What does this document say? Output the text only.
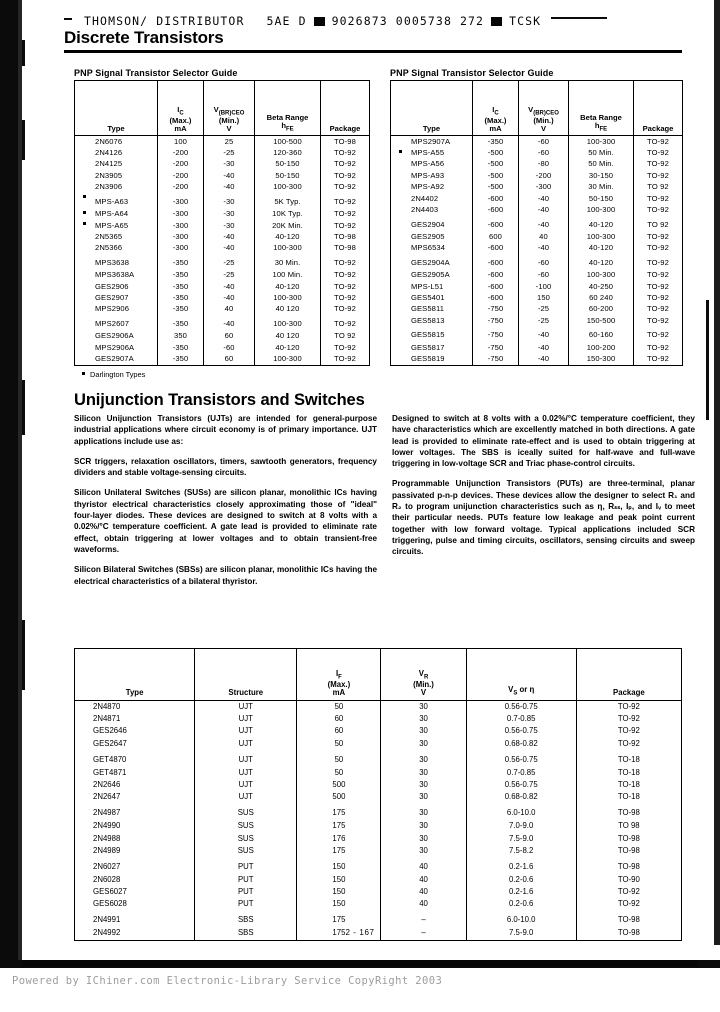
THOMSON/ DISTRIBUTOR 5AE D 9026873 0005738 272 TCSK
Discrete Transistors
PNP Signal Transistor Selector Guide
Type	$I_C$
(Max.)
mA	$V_{(BR)CEO}$
(Min.)
V	Beta Range
$h_{FE}$	Package

2N6076	100	25	100-500	TO-98
2N4126	-200	-25	120-360	TO-92
2N4125	-200	-30	50-150	TO-92
2N3905	-200	-40	50-150	TO-92
2N3906	-200	-40	100-300	TO-92

MPS-A63	-300	-30	5K Typ.	TO-92

MPS-A64	-300	-30	10K Typ.	TO-92

MPS-A65	-300	-30	20K Min.	TO-92
2N5365	-300	-40	40-120	TO-98
2N5366	-300	-40	100-300	TO-98
MPS3638	-350	-25	30 Min.	TO-92
MPS3638A	-350	-25	100 Min.	TO-92
GES2906	-350	-40	40-120	TO-92
GES2907	-350	-40	100-300	TO-92
MPS2906	-350	40	40 120	TO-92
MPS2607	-350	-40	100-300	TO-92
GES2906A	350	60	40 120	TO 92
MPS2906A	-350	-60	40-120	TO-92
GES2907A	-350	60	100-300	TO-92
PNP Signal Transistor Selector Guide
Type	$I_C$
(Max.)
mA	$V_{(BR)CEO}$
(Min.)
V	Beta Range
$h_{FE}$	Package

MPS2907A	-350	-60	100-300	TO-92

MPS-A55	-500	-60	50 Min.	TO-92
MPS-A56	-500	-80	50 Min.	TO-92
MPS-A93	-500	-200	30-150	TO-92
MPS-A92	-500	-300	30 Min.	TO 92
2N4402	-600	-40	50-150	TO-92
2N4403	-600	-40	100-300	TO-92
GES2904	-600	-40	40-120	TO 92
GES2905	600	40	100-300	TO-92
MPS6534	-600	-40	40-120	TO-92
GES2904A	-600	-60	40-120	TO-92
GES2905A	-600	-60	100-300	TO-92
MPS-L51	-600	-100	40-250	TO-92
GES5401	-600	150	60 240	TO-92
GES5811	-750	-25	60-200	TO-92
GES5813	-750	-25	150-500	TO-92
GES5815	-750	-40	60-160	TO-92
GES5817	-750	-40	100-200	TO-92
GES5819	-750	-40	150-300	TO-92
Darlington Types
Unijunction Transistors and Switches

Silicon Unijunction Transistors (UJTs) are intended for general-purpose industrial applications where circuit economy is of primary importance. UJT applications include use as:

SCR triggers, relaxation oscillators, timers, sawtooth generators, frequency dividers and stable voltage-sensing circuits.

Silicon Unilateral Switches (SUSs) are silicon planar, monolithic ICs having thyristor electrical characteristics closely approximating those of "ideal" four-layer diodes. These devices are designed to switch at 8 volts with a 0.02%/°C temperature coefficient. A gate lead is provided to eliminate rate effect, obtain triggering at lower voltages and to obtain transient-free waveforms.

Silicon Bilateral Switches (SBSs) are silicon planar, monolithic ICs having the electrical characteristics of a bilateral thyristor.

Designed to switch at 8 volts with a 0.02%/°C temperature coefficient, they have characteristics which are excellently matched in both directions. A gate lead is provided to eliminate rate-effect and is used to obtain triggering at lower voltages. The SBS is iceally suited for half-wave and full-wave triggering in low-voltage SCR and Triac phase-control circuits.

Programmable Unijunction Transistors (PUTs) are three-terminal, planar passivated p-n-p devices. These devices allow the designer to select R₁ and R₂ to program unijunction characteristics such as η, Rₛₛ, Iₚ, and Iᵥ to meet their particular needs. PUTs feature low leakage and peak point current together with low forward voltage. Typical applications included SCR triggering, pulse and timing circuits, oscillators, sensing circuits and sweep circuits.

Type	Structure	$I_F$
(Max.)
mA	$V_R$
(Min.)
V	$V_S$ or η	Package

2N4870	UJT	50	30	0.56-0.75	TO-92
2N4871	UJT	60	30	0.7-0.85	TO-92
GES2646	UJT	60	30	0.56-0.75	TO-92
GES2647	UJT	50	30	0.68-0.82	TO-92
GET4870	UJT	50	30	0.56-0.75	TO-18
GET4871	UJT	50	30	0.7-0.85	TO-18
2N2646	UJT	500	30	0.56-0.75	TO-18
2N2647	UJT	500	30	0.68-0.82	TO-18
2N4987	SUS	175	30	6.0-10.0	TO-98
2N4990	SUS	175	30	7.0-9.0	TO 98
2N4988	SUS	176	30	7.5-9.0	TO-98
2N4989	SUS	175	30	7.5-8.2	TO-98
2N6027	PUT	150	40	0.2-1.6	TO-98
2N6028	PUT	150	40	0.2-0.6	TO-90
GES6027	PUT	150	40	0.2-1.6	TO-92
GES6028	PUT	150	40	0.2-0.6	TO-92
2N4991	SBS	175	–	6.0-10.0	TO-98
2N4992	SBS	175	–	7.5-9.0	TO-98
2 - 167
Powered by IChiner.com Electronic-Library Service CopyRight 2003
